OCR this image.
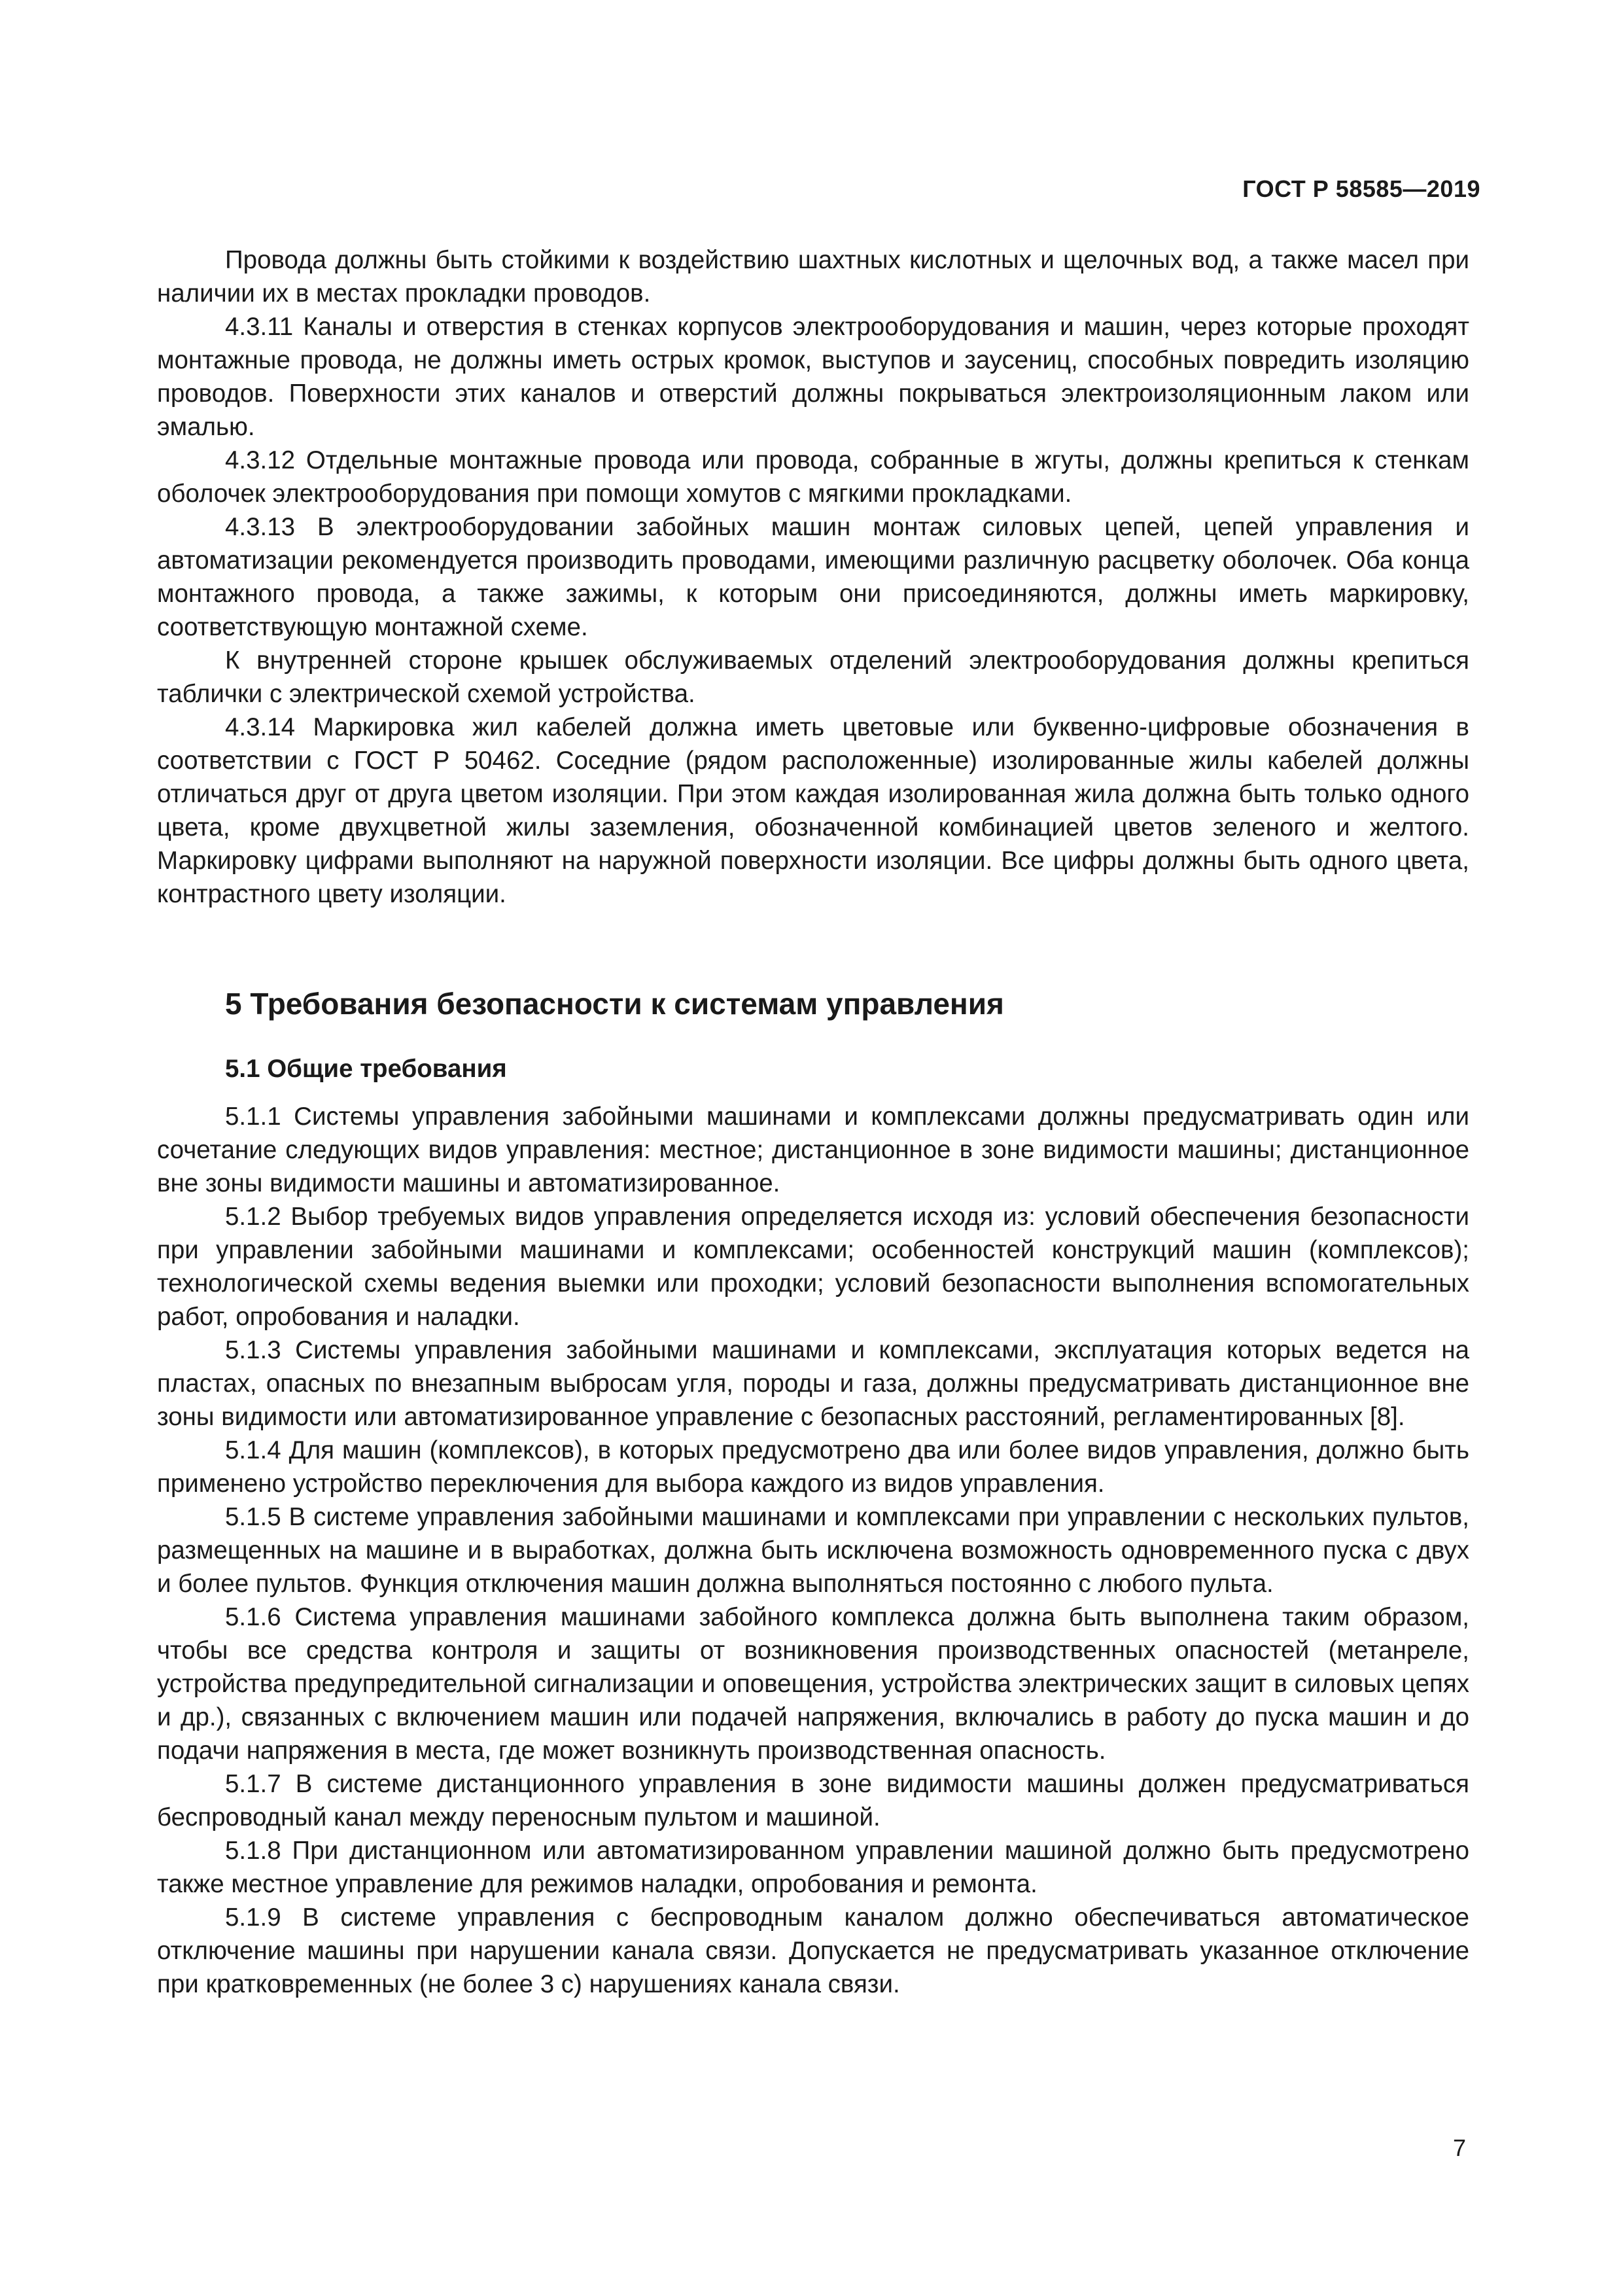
ГОСТ Р 58585—2019

Провода должны быть стойкими к воздействию шахтных кислотных и щелочных вод, а также масел при наличии их в местах прокладки проводов.

4.3.11 Каналы и отверстия в стенках корпусов электрооборудования и машин, через которые проходят монтажные провода, не должны иметь острых кромок, выступов и заусениц, способных повредить изоляцию проводов. Поверхности этих каналов и отверстий должны покрываться электроизоляционным лаком или эмалью.

4.3.12 Отдельные монтажные провода или провода, собранные в жгуты, должны крепиться к стенкам оболочек электрооборудования при помощи хомутов с мягкими прокладками.

4.3.13 В электрооборудовании забойных машин монтаж силовых цепей, цепей управления и автоматизации рекомендуется производить проводами, имеющими различную расцветку оболочек. Оба конца монтажного провода, а также зажимы, к которым они присоединяются, должны иметь маркировку, соответствующую монтажной схеме.

К внутренней стороне крышек обслуживаемых отделений электрооборудования должны крепиться таблички с электрической схемой устройства.

4.3.14 Маркировка жил кабелей должна иметь цветовые или буквенно-цифровые обозначения в соответствии с ГОСТ Р 50462. Соседние (рядом расположенные) изолированные жилы кабелей должны отличаться друг от друга цветом изоляции. При этом каждая изолированная жила должна быть только одного цвета, кроме двухцветной жилы заземления, обозначенной комбинацией цветов зеленого и желтого. Маркировку цифрами выполняют на наружной поверхности изоляции. Все цифры должны быть одного цвета, контрастного цвету изоляции.

5 Требования безопасности к системам управления
5.1 Общие требования

5.1.1 Системы управления забойными машинами и комплексами должны предусматривать один или сочетание следующих видов управления: местное; дистанционное в зоне видимости машины; дистанционное вне зоны видимости машины и автоматизированное.

5.1.2 Выбор требуемых видов управления определяется исходя из: условий обеспечения безопасности при управлении забойными машинами и комплексами; особенностей конструкций машин (комплексов); технологической схемы ведения выемки или проходки; условий безопасности выполнения вспомогательных работ, опробования и наладки.

5.1.3 Системы управления забойными машинами и комплексами, эксплуатация которых ведется на пластах, опасных по внезапным выбросам угля, породы и газа, должны предусматривать дистанционное вне зоны видимости или автоматизированное управление с безопасных расстояний, регламентированных [8].

5.1.4 Для машин (комплексов), в которых предусмотрено два или более видов управления, должно быть применено устройство переключения для выбора каждого из видов управления.

5.1.5 В системе управления забойными машинами и комплексами при управлении с нескольких пультов, размещенных на машине и в выработках, должна быть исключена возможность одновременного пуска с двух и более пультов. Функция отключения машин должна выполняться постоянно с любого пульта.

5.1.6 Система управления машинами забойного комплекса должна быть выполнена таким образом, чтобы все средства контроля и защиты от возникновения производственных опасностей (метанреле, устройства предупредительной сигнализации и оповещения, устройства электрических защит в силовых цепях и др.), связанных с включением машин или подачей напряжения, включались в работу до пуска машин и до подачи напряжения в места, где может возникнуть производственная опасность.

5.1.7 В системе дистанционного управления в зоне видимости машины должен предусматриваться беспроводный канал между переносным пультом и машиной.

5.1.8 При дистанционном или автоматизированном управлении машиной должно быть предусмотрено также местное управление для режимов наладки, опробования и ремонта.

5.1.9 В системе управления с беспроводным каналом должно обеспечиваться автоматическое отключение машины при нарушении канала связи. Допускается не предусматривать указанное отключение при кратковременных (не более 3 с) нарушениях канала связи.

7
